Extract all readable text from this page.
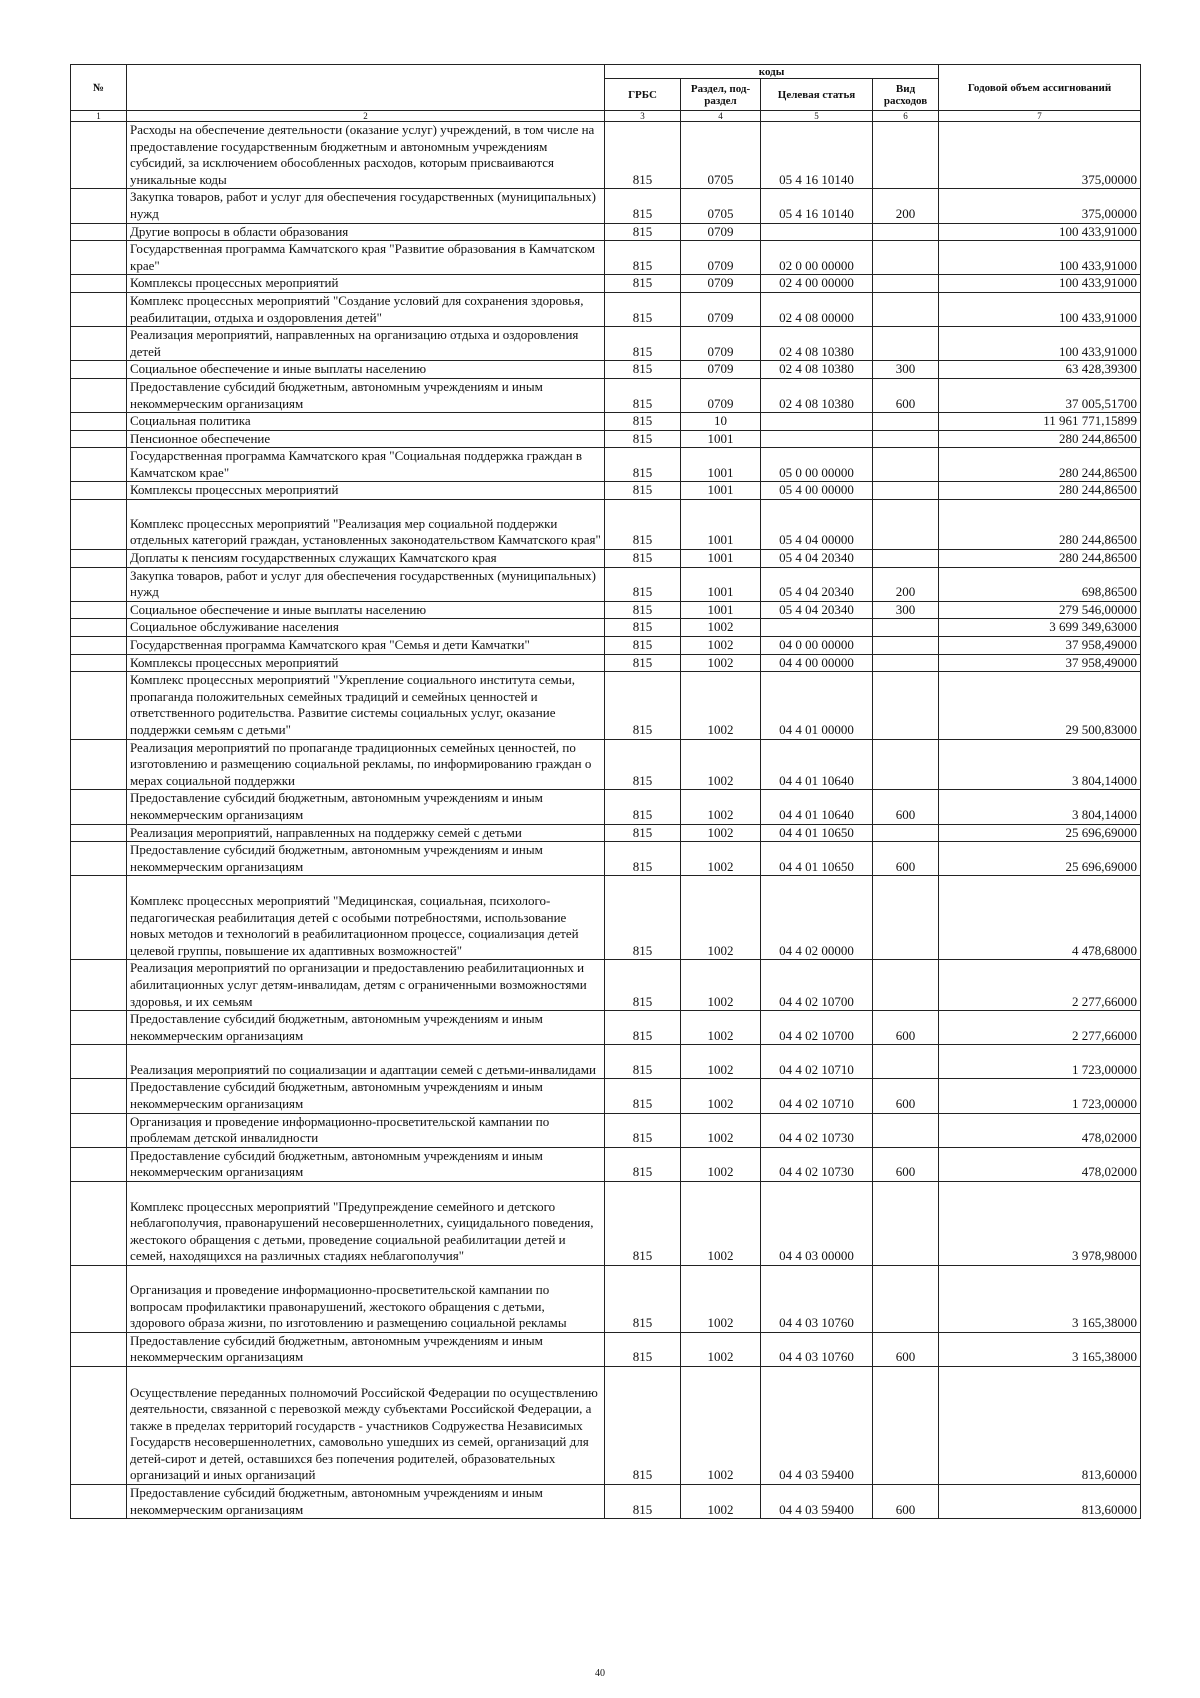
№		коды				Годовой объем ассигнований
		ГРБС	Раздел, под-раздел	Целевая статья	Вид расходов	
1	2	3	4	5	6	7
	Расходы на обеспечение деятельности (оказание услуг) учреждений, в том числе на предоставление государственным бюджетным и автономным учреждениям субсидий, за исключением обособленных расходов, которым присваиваются уникальные коды	815	0705	05 4 16 10140		375,00000
	Закупка товаров, работ и услуг для обеспечения государственных (муниципальных) нужд	815	0705	05 4 16 10140	200	375,00000
	Другие вопросы в области образования	815	0709			100 433,91000
	Государственная программа Камчатского края "Развитие образования в Камчатском крае"	815	0709	02 0 00 00000		100 433,91000
	Комплексы процессных мероприятий	815	0709	02 4 00 00000		100 433,91000
	Комплекс процессных мероприятий "Создание условий для сохранения здоровья, реабилитации, отдыха и оздоровления детей"	815	0709	02 4 08 00000		100 433,91000
	Реализация мероприятий, направленных на организацию отдыха и оздоровления детей	815	0709	02 4 08 10380		100 433,91000
	Социальное обеспечение и иные выплаты населению	815	0709	02 4 08 10380	300	63 428,39300
	Предоставление субсидий бюджетным, автономным учреждениям и иным некоммерческим организациям	815	0709	02 4 08 10380	600	37 005,51700
	Социальная политика	815	10			11 961 771,15899
	Пенсионное обеспечение	815	1001			280 244,86500
	Государственная программа Камчатского края "Социальная поддержка граждан в Камчатском крае"	815	1001	05 0 00 00000		280 244,86500
	Комплексы процессных мероприятий	815	1001	05 4 00 00000		280 244,86500
	Комплекс процессных мероприятий "Реализация мер социальной поддержки отдельных категорий граждан, установленных законодательством Камчатского края"	815	1001	05 4 04 00000		280 244,86500
	Доплаты к пенсиям государственных служащих Камчатского края	815	1001	05 4 04 20340		280 244,86500
	Закупка товаров, работ и услуг для обеспечения государственных (муниципальных) нужд	815	1001	05 4 04 20340	200	698,86500
	Социальное обеспечение и иные выплаты населению	815	1001	05 4 04 20340	300	279 546,00000
	Социальное обслуживание населения	815	1002			3 699 349,63000
	Государственная программа Камчатского края "Семья и дети Камчатки"	815	1002	04 0 00 00000		37 958,49000
	Комплексы процессных мероприятий	815	1002	04 4 00 00000		37 958,49000
	Комплекс процессных мероприятий "Укрепление социального института семьи, пропаганда положительных семейных традиций и семейных ценностей и ответственного родительства. Развитие системы социальных услуг, оказание поддержки семьям с детьми"	815	1002	04 4 01 00000		29 500,83000
	Реализация мероприятий по пропаганде традиционных семейных ценностей, по изготовлению и размещению социальной рекламы, по информированию граждан о мерах социальной поддержки	815	1002	04 4 01 10640		3 804,14000
	Предоставление субсидий бюджетным, автономным учреждениям и иным некоммерческим организациям	815	1002	04 4 01 10640	600	3 804,14000
	Реализация мероприятий, направленных на поддержку семей с детьми	815	1002	04 4 01 10650		25 696,69000
	Предоставление субсидий бюджетным, автономным учреждениям и иным некоммерческим организациям	815	1002	04 4 01 10650	600	25 696,69000
	Комплекс процессных мероприятий "Медицинская, социальная, психолого-педагогическая реабилитация детей с особыми потребностями, использование новых методов и технологий в реабилитационном процессе, социализация детей целевой группы, повышение их адаптивных возможностей"	815	1002	04 4 02 00000		4 478,68000
	Реализация мероприятий по организации и предоставлению реабилитационных и абилитационных услуг детям-инвалидам, детям с ограниченными возможностями здоровья, и их семьям	815	1002	04 4 02 10700		2 277,66000
	Предоставление субсидий бюджетным, автономным учреждениям и иным некоммерческим организациям	815	1002	04 4 02 10700	600	2 277,66000
	Реализация мероприятий по социализации и адаптации семей с детьми-инвалидами	815	1002	04 4 02 10710		1 723,00000
	Предоставление субсидий бюджетным, автономным учреждениям и иным некоммерческим организациям	815	1002	04 4 02 10710	600	1 723,00000
	Организация и проведение информационно-просветительской кампании по проблемам детской инвалидности	815	1002	04 4 02 10730		478,02000
	Предоставление субсидий бюджетным, автономным учреждениям и иным некоммерческим организациям	815	1002	04 4 02 10730	600	478,02000
	Комплекс процессных мероприятий "Предупреждение семейного и детского неблагополучия, правонарушений несовершеннолетних, суицидального поведения, жестокого обращения с детьми, проведение социальной реабилитации детей и семей, находящихся на различных стадиях неблагополучия"	815	1002	04 4 03 00000		3 978,98000
	Организация и проведение информационно-просветительской кампании по вопросам профилактики правонарушений, жестокого обращения с детьми, здорового образа жизни, по изготовлению и размещению социальной рекламы	815	1002	04 4 03 10760		3 165,38000
	Предоставление субсидий бюджетным, автономным учреждениям и иным некоммерческим организациям	815	1002	04 4 03 10760	600	3 165,38000
	Осуществление переданных полномочий Российской Федерации по осуществлению деятельности, связанной с перевозкой между субъектами Российской Федерации, а также в пределах территорий государств - участников Содружества Независимых Государств несовершеннолетних, самовольно ушедших из семей, организаций для детей-сирот и детей, оставшихся без попечения родителей, образовательных организаций и иных организаций	815	1002	04 4 03 59400		813,60000
	Предоставление субсидий бюджетным, автономным учреждениям и иным некоммерческим организациям	815	1002	04 4 03 59400	600	813,60000
40
